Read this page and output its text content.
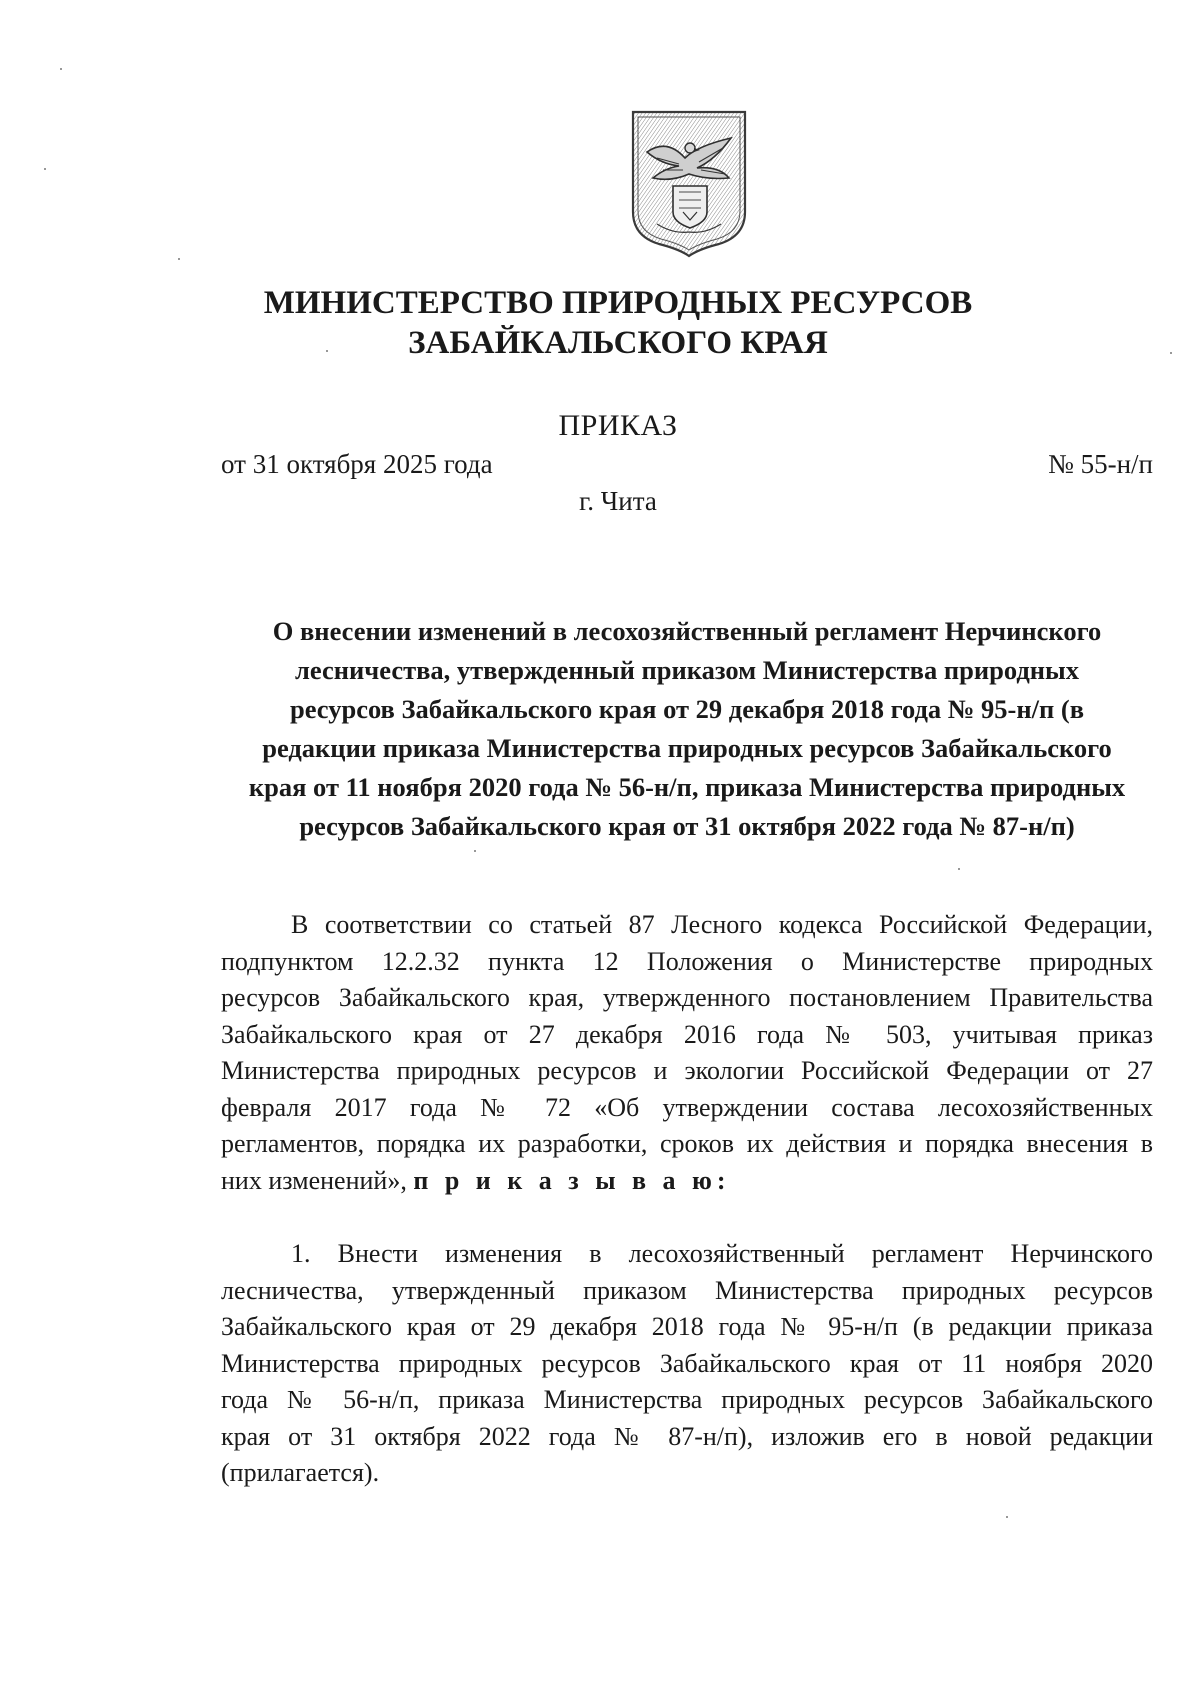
МИНИСТЕРСТВО ПРИРОДНЫХ РЕСУРСОВ
ЗАБАЙКАЛЬСКОГО КРАЯ
ПРИКАЗ
от 31 октября 2025 года	№ 55-н/п
г. Чита
О внесении изменений в лесохозяйственный регламент Нерчинского
лесничества, утвержденный приказом Министерства природных
ресурсов Забайкальского края от 29 декабря 2018 года № 95-н/п (в
редакции приказа Министерства природных ресурсов Забайкальского
края от 11 ноября 2020 года № 56-н/п, приказа Министерства природных
ресурсов Забайкальского края от 31 октября 2022 года № 87-н/п)
В соответствии со статьей 87 Лесного кодекса Российской Федерации,
подпунктом 12.2.32 пункта 12 Положения о Министерстве природных
ресурсов Забайкальского края, утвержденного постановлением Правительства
Забайкальского края от 27 декабря 2016 года № 503, учитывая приказ
Министерства природных ресурсов и экологии Российской Федерации от 27
февраля 2017 года № 72 «Об утверждении состава лесохозяйственных
регламентов, порядка их разработки, сроков их действия и порядка внесения в
них изменений», п р и к а з ы в а ю:
1. Внести изменения в лесохозяйственный регламент Нерчинского
лесничества, утвержденный приказом Министерства природных ресурсов
Забайкальского края от 29 декабря 2018 года № 95-н/п (в редакции приказа
Министерства природных ресурсов Забайкальского края от 11 ноября 2020
года № 56-н/п, приказа Министерства природных ресурсов Забайкальского
края от 31 октября 2022 года № 87-н/п), изложив его в новой редакции
(прилагается).
